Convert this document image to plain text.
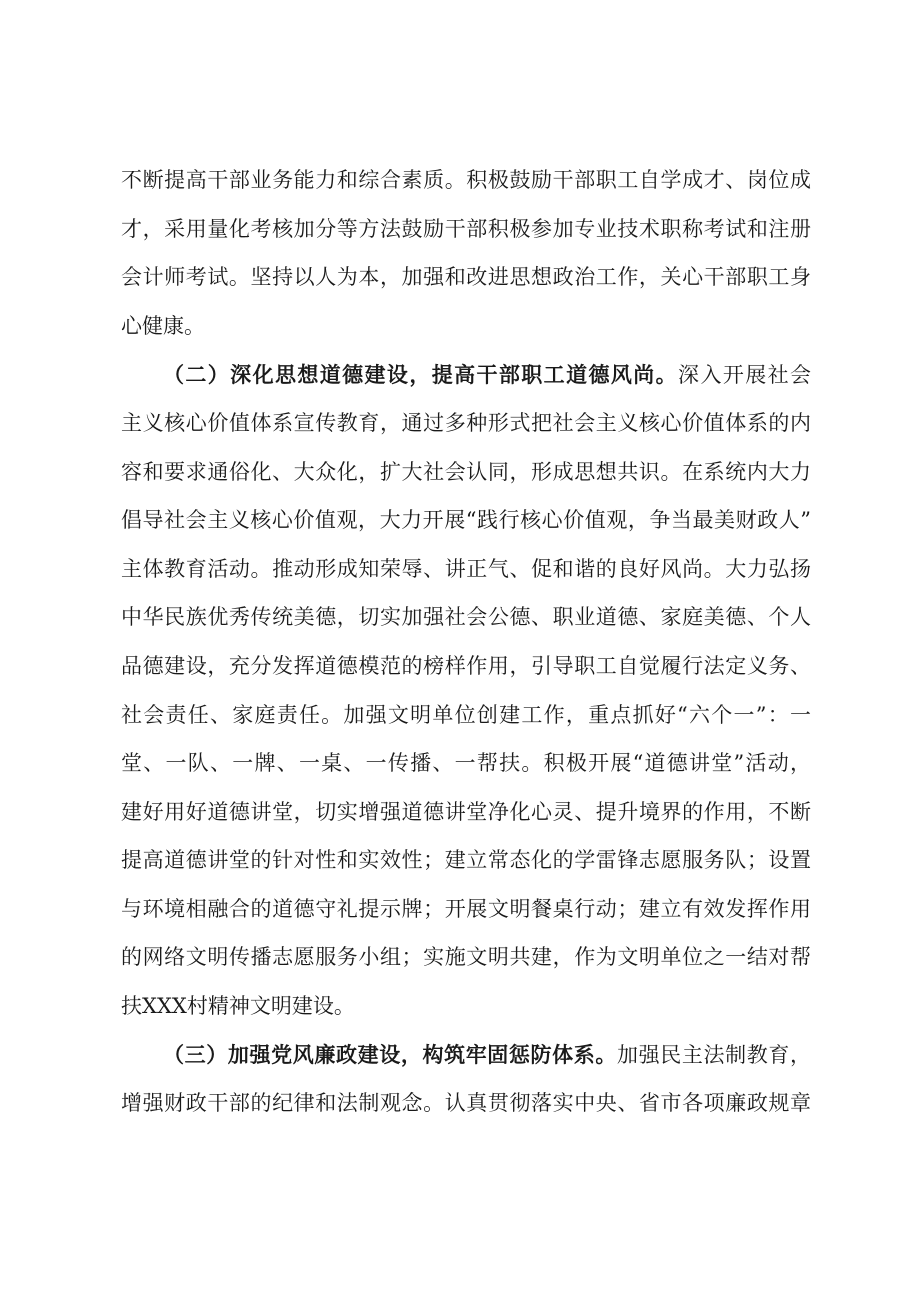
不断提高干部业务能力和综合素质。积极鼓励干部职工自学成才、岗位成
才，采用量化考核加分等方法鼓励干部积极参加专业技术职称考试和注册
会计师考试。坚持以人为本，加强和改进思想政治工作，关心干部职工身
心健康。
（二）深化思想道德建设，提高干部职工道德风尚。深入开展社会
主义核心价值体系宣传教育，通过多种形式把社会主义核心价值体系的内
容和要求通俗化、大众化，扩大社会认同，形成思想共识。在系统内大力
倡导社会主义核心价值观，大力开展“践行核心价值观，争当最美财政人”
主体教育活动。推动形成知荣辱、讲正气、促和谐的良好风尚。大力弘扬
中华民族优秀传统美德，切实加强社会公德、职业道德、家庭美德、个人
品德建设，充分发挥道德模范的榜样作用，引导职工自觉履行法定义务、
社会责任、家庭责任。加强文明单位创建工作，重点抓好“六个一”：一
堂、一队、一牌、一桌、一传播、一帮扶。积极开展“道德讲堂”活动，
建好用好道德讲堂，切实增强道德讲堂净化心灵、提升境界的作用，不断
提高道德讲堂的针对性和实效性；建立常态化的学雷锋志愿服务队；设置
与环境相融合的道德守礼提示牌；开展文明餐桌行动；建立有效发挥作用
的网络文明传播志愿服务小组；实施文明共建，作为文明单位之一结对帮
扶XXX村精神文明建设。
（三）加强党风廉政建设，构筑牢固惩防体系。加强民主法制教育，
增强财政干部的纪律和法制观念。认真贯彻落实中央、省市各项廉政规章
